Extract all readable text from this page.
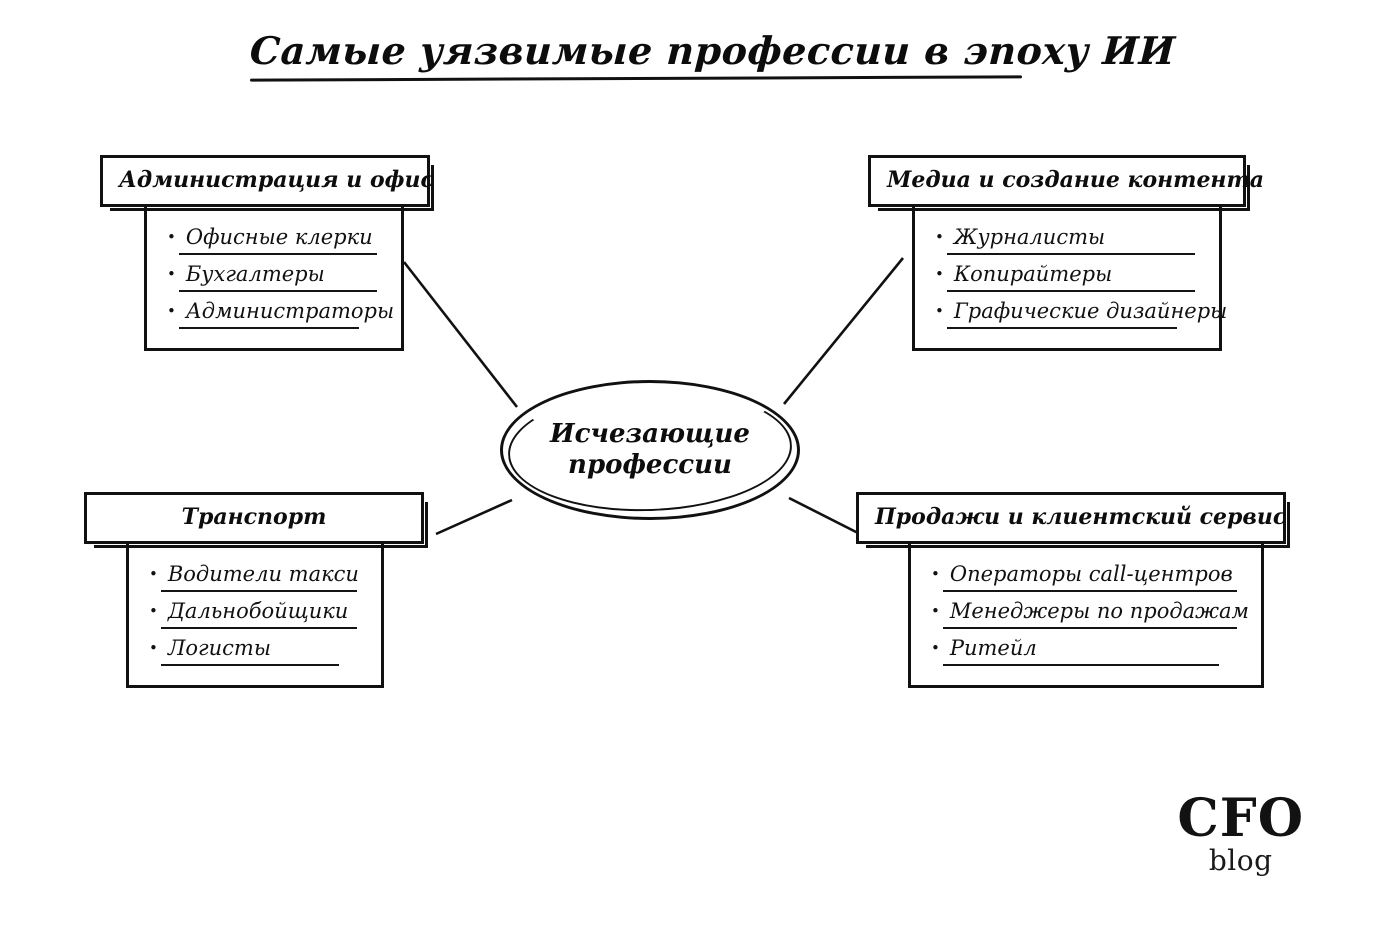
Самые уязвимые профессии в эпоху ИИ
Исчезающие
профессии
Администрация и офис
• Офисные клерки
• Бухгалтеры
• Администраторы
Медиа и создание контента
• Журналисты
• Копирайтеры
• Графические дизайнеры
Транспорт
• Водители такси
• Дальнобойщики
• Логисты
Продажи и клиентский сервис
• Операторы call-центров
• Менеджеры по продажам
• Ритейл
CFO
blog
